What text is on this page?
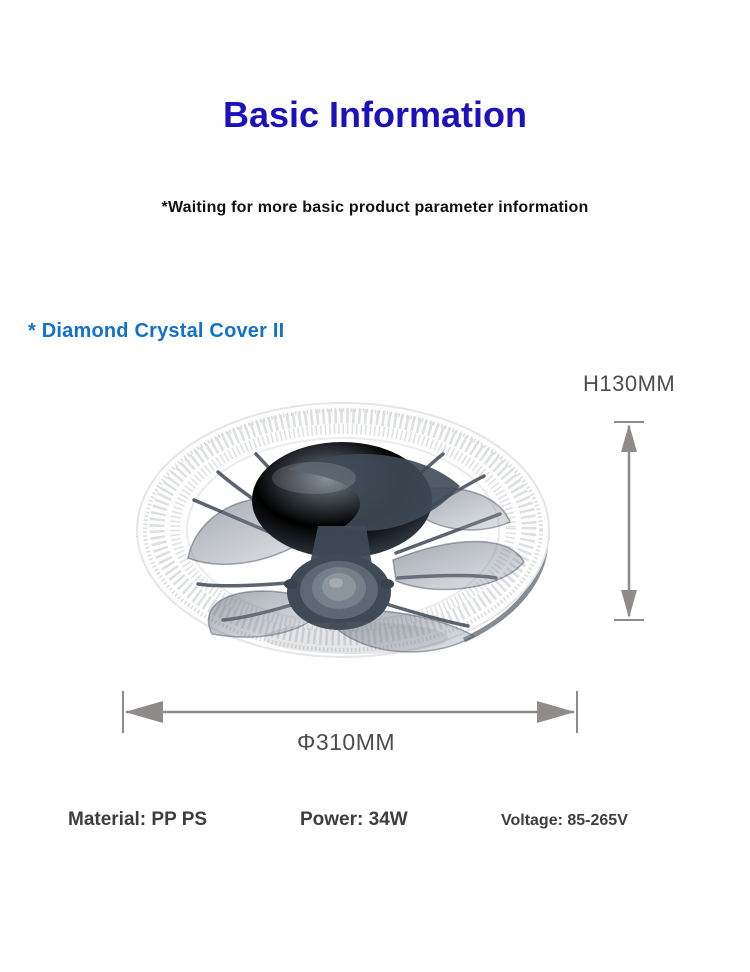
Basic Information
*Waiting for more basic product parameter information
* Diamond Crystal Cover II
H130MM
Φ310MM
Material: PP PS	Power: 34W	Voltage: 85-265V
